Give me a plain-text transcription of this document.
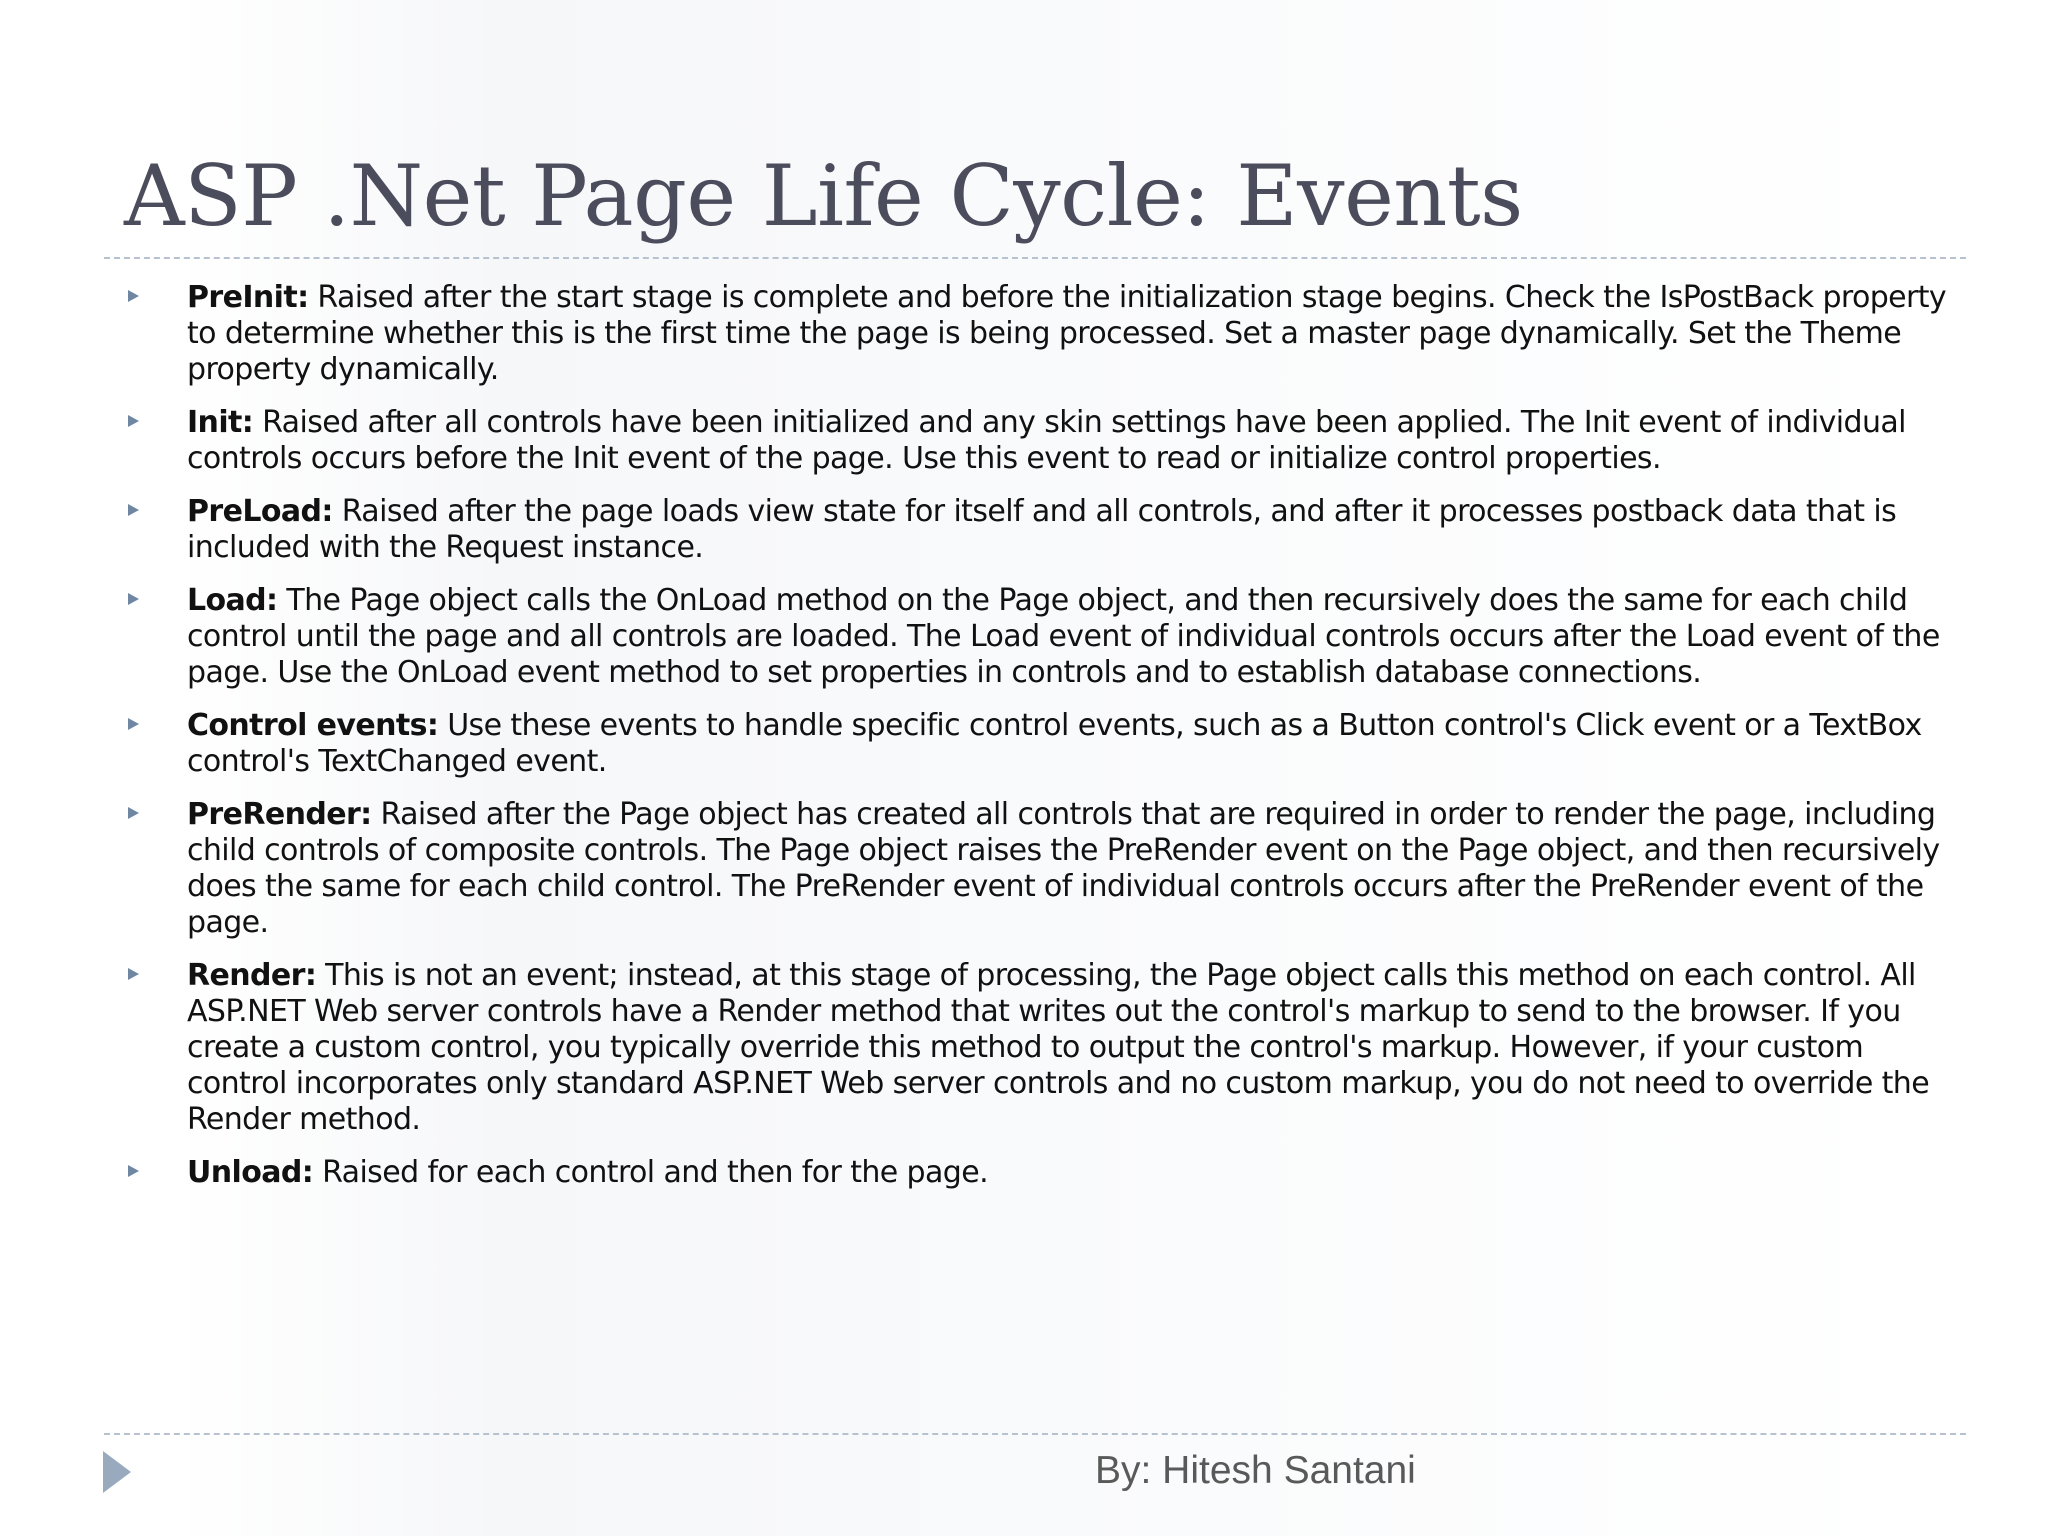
ASP .Net Page Life Cycle: Events
PreInit: Raised after the start stage is complete and before the initialization stage begins. Check the IsPostBack property to determine whether this is the first time the page is being processed. Set a master page dynamically. Set the Theme property dynamically.
Init: Raised after all controls have been initialized and any skin settings have been applied. The Init event of individual controls occurs before the Init event of the page. Use this event to read or initialize control properties.
PreLoad: Raised after the page loads view state for itself and all controls, and after it processes postback data that is included with the Request instance.
Load: The Page object calls the OnLoad method on the Page object, and then recursively does the same for each child control until the page and all controls are loaded. The Load event of individual controls occurs after the Load event of the page. Use the OnLoad event method to set properties in controls and to establish database connections.
Control events: Use these events to handle specific control events, such as a Button control's Click event or a TextBox control's TextChanged event.
PreRender: Raised after the Page object has created all controls that are required in order to render the page, including child controls of composite controls. The Page object raises the PreRender event on the Page object, and then recursively does the same for each child control. The PreRender event of individual controls occurs after the PreRender event of the page.
Render: This is not an event; instead, at this stage of processing, the Page object calls this method on each control. All ASP.NET Web server controls have a Render method that writes out the control's markup to send to the browser. If you create a custom control, you typically override this method to output the control's markup. However, if your custom control incorporates only standard ASP.NET Web server controls and no custom markup, you do not need to override the Render method.
Unload: Raised for each control and then for the page.
By: Hitesh Santani
